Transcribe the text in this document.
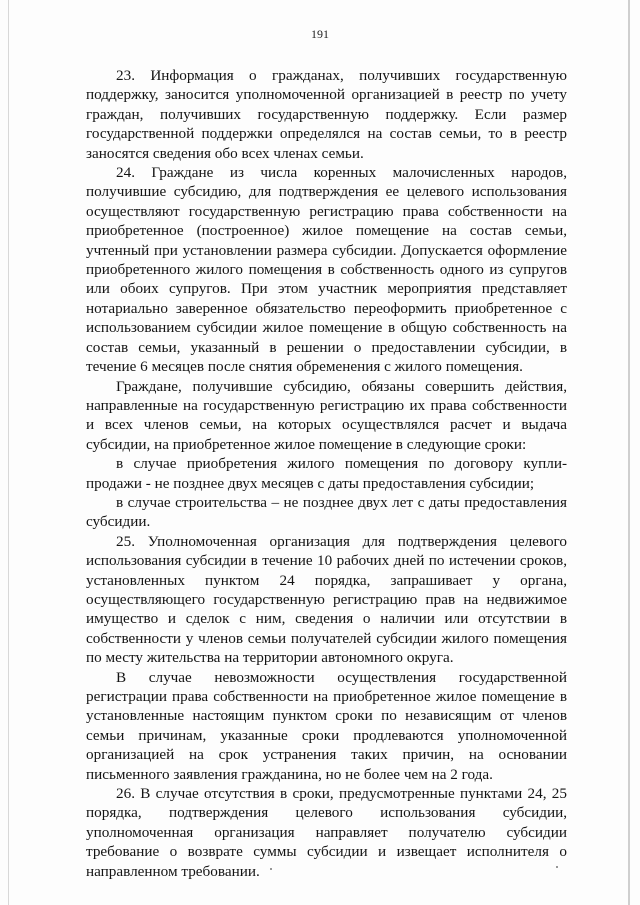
191

23. Информация о гражданах, получивших государственную поддержку, заносится уполномоченной организацией в реестр по учету граждан, получивших государственную поддержку. Если размер государственной поддержки определялся на состав семьи, то в реестр заносятся сведения обо всех членах семьи.

24. Граждане из числа коренных малочисленных народов, получившие субсидию, для подтверждения ее целевого использования осуществляют государственную регистрацию права собственности на приобретенное (построенное) жилое помещение на состав семьи, учтенный при установлении размера субсидии. Допускается оформление приобретенного жилого помещения в собственность одного из супругов или обоих супругов. При этом участник мероприятия представляет нотариально заверенное обязательство переоформить приобретенное с использованием субсидии жилое помещение в общую собственность на состав семьи, указанный в решении о предоставлении субсидии, в течение 6 месяцев после снятия обременения с жилого помещения.

Граждане, получившие субсидию, обязаны совершить действия, направленные на государственную регистрацию их права собственности и всех членов семьи, на которых осуществлялся расчет и выдача субсидии, на приобретенное жилое помещение в следующие сроки:

в случае приобретения жилого помещения по договору купли-продажи - не позднее двух месяцев с даты предоставления субсидии;

в случае строительства – не позднее двух лет с даты предоставления субсидии.

25. Уполномоченная организация для подтверждения целевого использования субсидии в течение 10 рабочих дней по истечении сроков, установленных пунктом 24 порядка, запрашивает у органа, осуществляющего государственную регистрацию прав на недвижимое имущество и сделок с ним, сведения о наличии или отсутствии в собственности у членов семьи получателей субсидии жилого помещения по месту жительства на территории автономного округа.

В случае невозможности осуществления государственной регистрации права собственности на приобретенное жилое помещение в установленные настоящим пунктом сроки по независящим от членов семьи причинам, указанные сроки продлеваются уполномоченной организацией на срок устранения таких причин, на основании письменного заявления гражданина, но не более чем на 2 года.

26. В случае отсутствия в сроки, предусмотренные пунктами 24, 25 порядка, подтверждения целевого использования субсидии, уполномоченная организация направляет получателю субсидии требование о возврате суммы субсидии и извещает исполнителя о направленном требовании.
